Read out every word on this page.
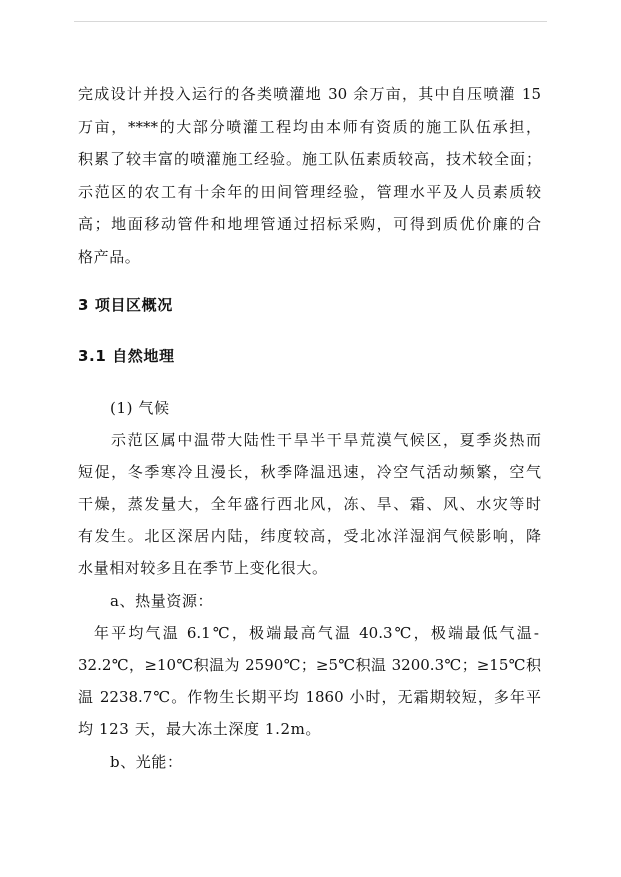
完成设计并投入运行的各类喷灌地 30 余万亩，其中自压喷灌 15
万亩，****的大部分喷灌工程均由本师有资质的施工队伍承担，
积累了较丰富的喷灌施工经验。施工队伍素质较高，技术较全面；
示范区的农工有十余年的田间管理经验，管理水平及人员素质较
高；地面移动管件和地埋管通过招标采购，可得到质优价廉的合
格产品。
3 项目区概况
3.1 自然地理
(1) 气候
示范区属中温带大陆性干旱半干旱荒漠气候区，夏季炎热而
短促，冬季寒冷且漫长，秋季降温迅速，冷空气活动频繁，空气
干燥，蒸发量大，全年盛行西北风，冻、旱、霜、风、水灾等时
有发生。北区深居内陆，纬度较高，受北冰洋湿润气候影响，降
水量相对较多且在季节上变化很大。
a、热量资源：
年平均气温 6.1℃，极端最高气温 40.3℃，极端最低气温-
32.2℃，≥10℃积温为 2590℃；≥5℃积温 3200.3℃；≥15℃积
温 2238.7℃。作物生长期平均 1860 小时，无霜期较短，多年平
均 123 天，最大冻土深度 1.2m。
b、光能：
